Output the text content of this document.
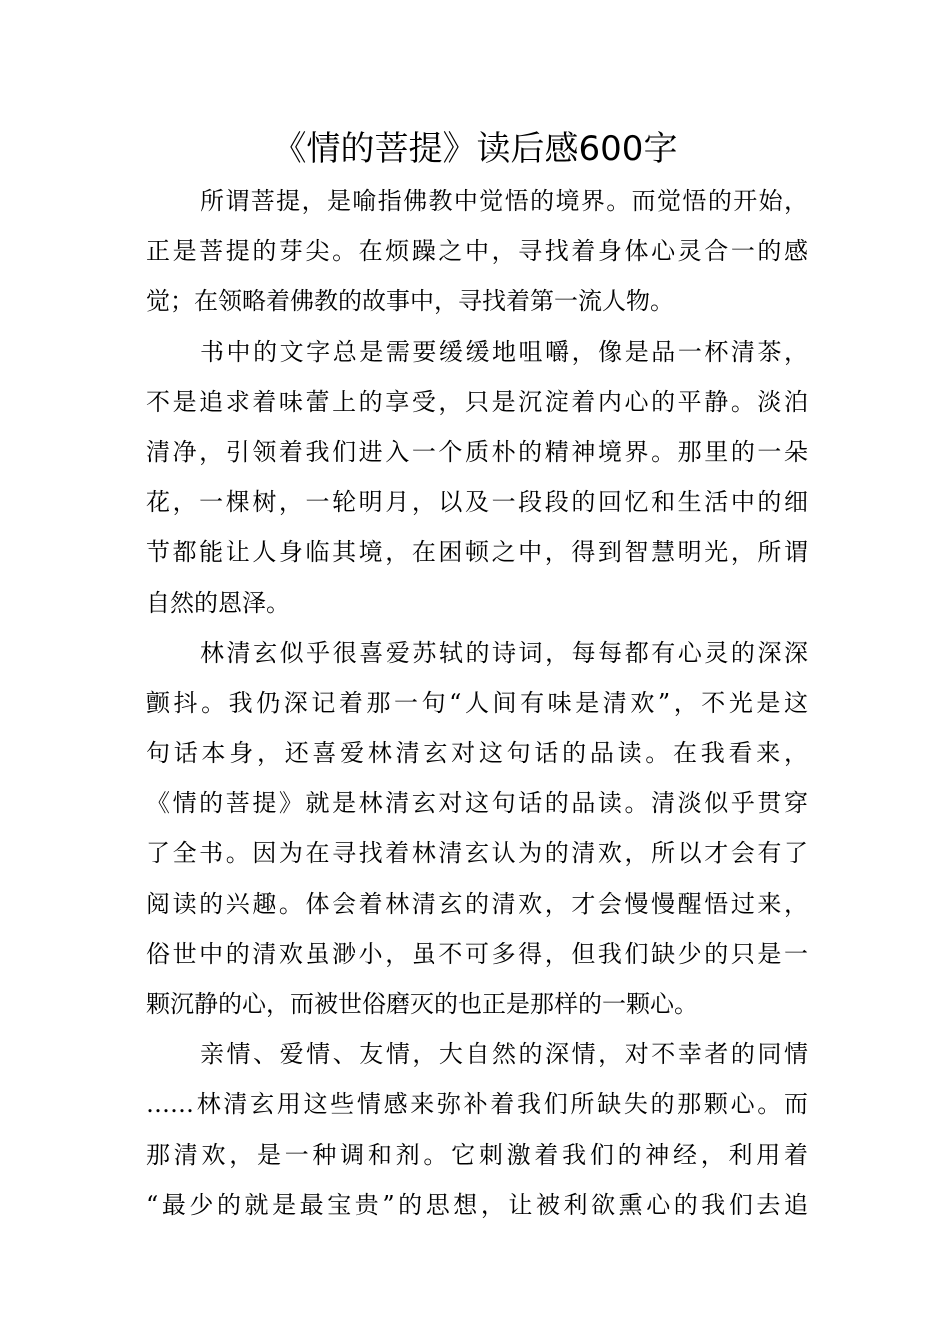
《情的菩提》读后感600字
所谓菩提，是喻指佛教中觉悟的境界。而觉悟的开始，
正是菩提的芽尖。在烦躁之中，寻找着身体心灵合一的感
觉；在领略着佛教的故事中，寻找着第一流人物。
书中的文字总是需要缓缓地咀嚼，像是品一杯清茶，
不是追求着味蕾上的享受，只是沉淀着内心的平静。淡泊
清净，引领着我们进入一个质朴的精神境界。那里的一朵
花，一棵树，一轮明月，以及一段段的回忆和生活中的细
节都能让人身临其境，在困顿之中，得到智慧明光，所谓
自然的恩泽。
林清玄似乎很喜爱苏轼的诗词，每每都有心灵的深深
颤抖。我仍深记着那一句“人间有味是清欢”，不光是这
句话本身，还喜爱林清玄对这句话的品读。在我看来，
《情的菩提》就是林清玄对这句话的品读。清淡似乎贯穿
了全书。因为在寻找着林清玄认为的清欢，所以才会有了
阅读的兴趣。体会着林清玄的清欢，才会慢慢醒悟过来，
俗世中的清欢虽渺小，虽不可多得，但我们缺少的只是一
颗沉静的心，而被世俗磨灭的也正是那样的一颗心。
亲情、爱情、友情，大自然的深情，对不幸者的同情
……林清玄用这些情感来弥补着我们所缺失的那颗心。而
那清欢，是一种调和剂。它刺激着我们的神经，利用着
“最少的就是最宝贵”的思想，让被利欲熏心的我们去追
